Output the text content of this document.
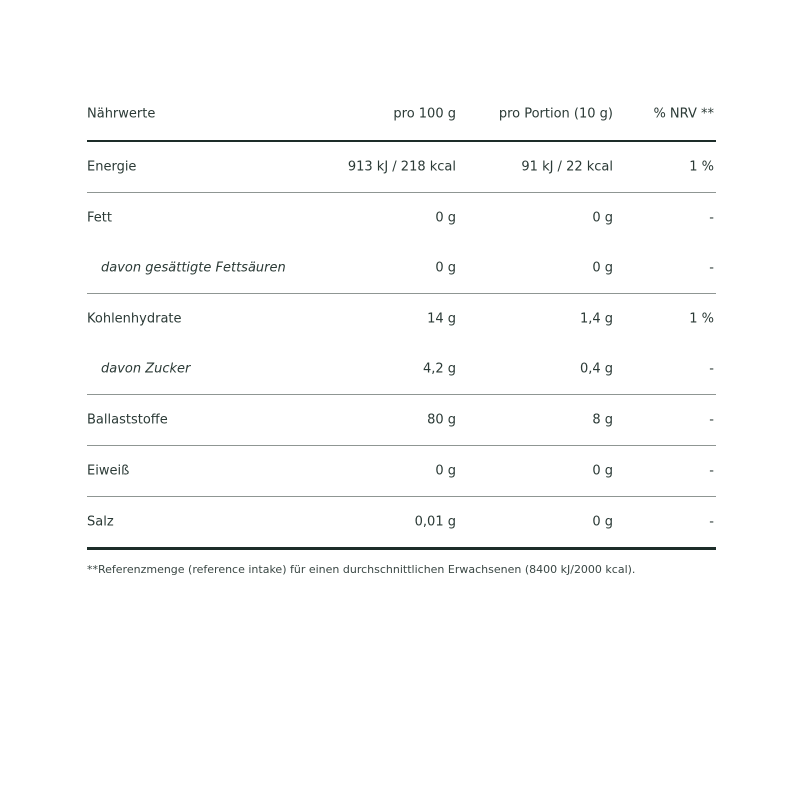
Nährwerte	pro 100 g	pro Portion (10 g)	% NRV **
Energie	913 kJ / 218 kcal	91 kJ / 22 kcal	1 %
Fett	0 g	0 g	-
davon gesättigte Fettsäuren	0 g	0 g	-
Kohlenhydrate	14 g	1,4 g	1 %
davon Zucker	4,2 g	0,4 g	-
Ballaststoffe	80 g	8 g	-
Eiweiß	0 g	0 g	-
Salz	0,01 g	0 g	-
**Referenzmenge (reference intake) für einen durchschnittlichen Erwachsenen (8400 kJ/2000 kcal).
